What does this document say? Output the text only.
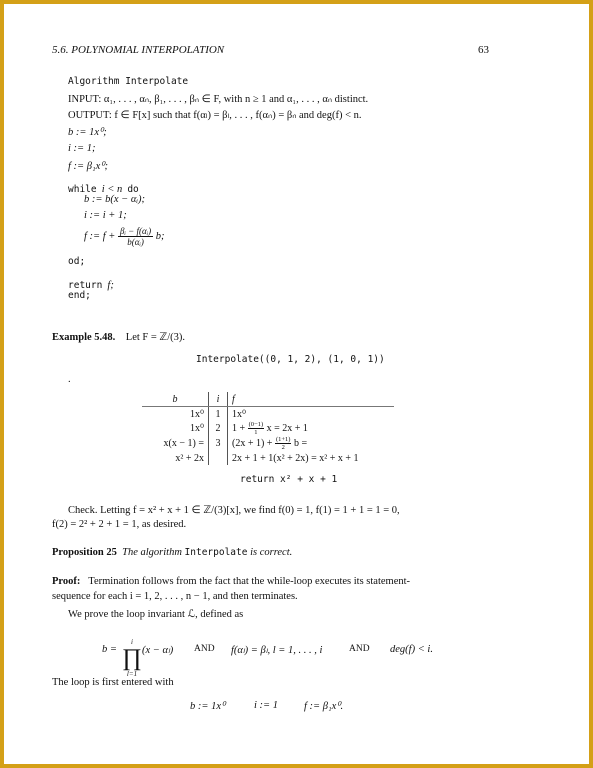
5.6. POLYNOMIAL INTERPOLATION	63
Algorithm Interpolate
INPUT: α₁, . . . , αₙ, β₁, . . . , βₙ ∈ F, with n ≥ 1 and α₁, . . . , αₙ distinct.
OUTPUT: f ∈ F[x] such that f(αₗ) = βₗ, . . . , f(αₙ) = βₙ and deg(f) < n.
b := 1x⁰;
i := 1;
f := β₁x⁰;
while i < n do
b := b(x − αᵢ);
i := i + 1;
f := $f + \frac{\text{βᵢ − f(αᵢ)}}{\text{b(αᵢ)}} b$;
od;
return f;
end;
Example 5.48. Let F = ℤ/(3).
Interpolate((0, 1, 2), (1, 0, 1))
.
b	i	f
1x⁰	1	1x⁰
1x⁰	2	$1 + \frac{(0-1)}{1}$ x = 2x + 1
x(x − 1) =	3	$(2x + 1) + \frac{(1+1)}{2}$ b =
x² + 2x		2x + 1 + 1(x² + 2x) = x² + x + 1
return x² + x + 1
Check. Letting f = x² + x + 1 ∈ ℤ/(3)[x], we find f(0) = 1, f(1) = 1 + 1 = 1 = 0,
f(2) = 2² + 2 + 1 = 1, as desired.
Proposition 25 The algorithm Interpolate is correct.
Proof: Termination follows from the fact that the while-loop executes its statement-
sequence for each i = 1, 2, . . . , n − 1, and then terminates.
We prove the loop invariant ℒ, defined as
b =
i
∏
l=1
(x − αₗ) AND f(αₗ) = βₗ, l = 1, . . . , i	AND deg(f) < i.
The loop is first entered with
b := 1x⁰	i := 1 f := β₁x⁰.
